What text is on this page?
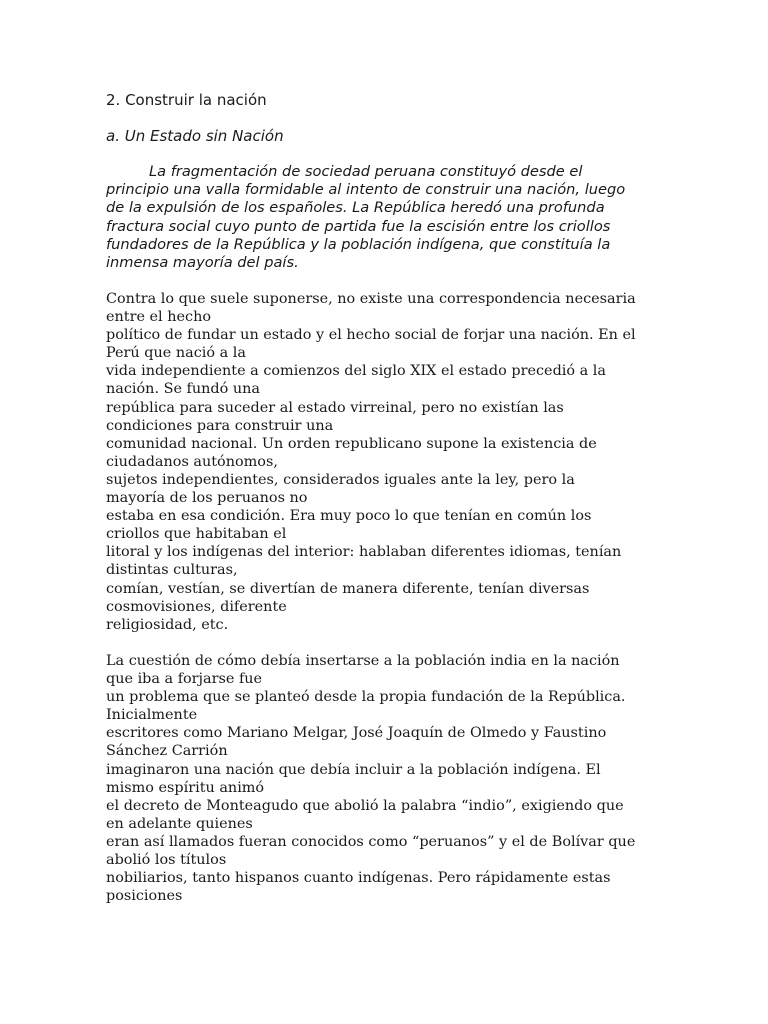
2. Construir la nación
a. Un Estado sin Nación
La fragmentación de sociedad peruana constituyó desde el
principio una valla formidable al intento de construir una nación, luego
de la expulsión de los españoles. La República heredó una profunda
fractura social cuyo punto de partida fue la escisión entre los criollos
fundadores de la República y la población indígena, que constituía la
inmensa mayoría del país.
Contra lo que suele suponerse, no existe una correspondencia necesaria
entre el hecho
político de fundar un estado y el hecho social de forjar una nación. En el
Perú que nació a la
vida independiente a comienzos del siglo XIX el estado precedió a la
nación. Se fundó una
república para suceder al estado virreinal, pero no existían las
condiciones para construir una
comunidad nacional. Un orden republicano supone la existencia de
ciudadanos autónomos,
sujetos independientes, considerados iguales ante la ley, pero la
mayoría de los peruanos no
estaba en esa condición. Era muy poco lo que tenían en común los
criollos que habitaban el
litoral y los indígenas del interior: hablaban diferentes idiomas, tenían
distintas culturas,
comían, vestían, se divertían de manera diferente, tenían diversas
cosmovisiones, diferente
religiosidad, etc.
La cuestión de cómo debía insertarse a la población india en la nación
que iba a forjarse fue
un problema que se planteó desde la propia fundación de la República.
Inicialmente
escritores como Mariano Melgar, José Joaquín de Olmedo y Faustino
Sánchez Carrión
imaginaron una nación que debía incluir a la población indígena. El
mismo espíritu animó
el decreto de Monteagudo que abolió la palabra “indio”, exigiendo que
en adelante quienes
eran así llamados fueran conocidos como “peruanos” y el de Bolívar que
abolió los títulos
nobiliarios, tanto hispanos cuanto indígenas. Pero rápidamente estas
posiciones
